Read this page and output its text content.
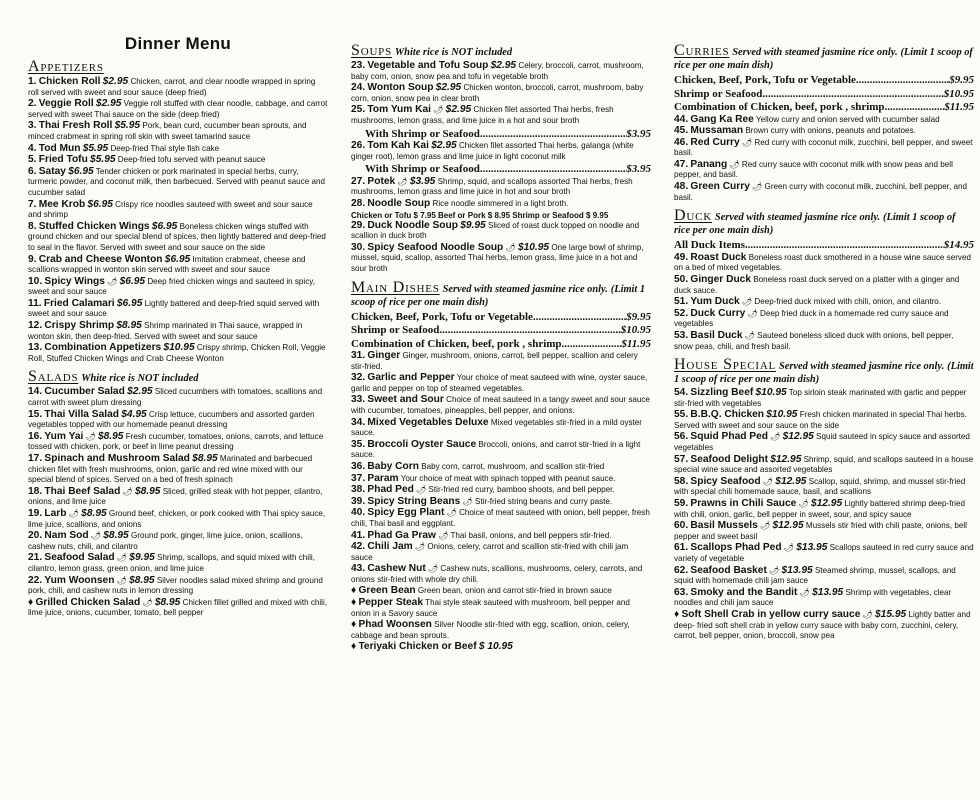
Dinner Menu
Appetizers
1. Chicken Roll $2.95 Chicken, carrot, and clear noodle wrapped in spring roll served with sweet and sour sauce (deep fried)
2. Veggie Roll $2.95 Veggie roll stuffed with clear noodle, cabbage, and carrot served with sweet Thai sauce on the side (deep fried)
3. Thai Fresh Roll $5.95 Pork, bean curd, cucumber bean sprouts, and minced crabmeat in spring roll skin with sweet tamarind sauce
4. Tod Mun $5.95 Deep-fried Thai style fish cake
5. Fried Tofu $5.95 Deep-fried tofu served with peanut sauce
6. Satay $6.95 Tender chicken or pork marinated in special herbs, curry, turmeric powder, and coconut milk, then barbecued. Served with peanut sauce and cucumber salad
7. Mee Krob $6.95 Crispy rice noodles sauteed with sweet and sour sauce and shrimp
8. Stuffed Chicken Wings $6.95 Boneless chicken wings stuffed with ground chicken and our special blend of spices, then lightly battered and deep-fried to seal in the flavor. Served with sweet and sour sauce on the side
9. Crab and Cheese Wonton $6.95 Imitation crabmeat, cheese and scallions wrapped in wonton skin served with sweet and sour sauce
10. Spicy Wings 🌶︎ $6.95 Deep fried chicken wings and sauteed in spicy, sweet and sour sauce
11. Fried Calamari $6.95 Lightly battered and deep-fried squid served with sweet and sour sauce
12. Crispy Shrimp $8.95 Shrimp marinated in Thai sauce, wrapped in wonton skin, then deep-fried. Served with sweet and sour sauce
13. Combination Appetizers $10.95 Crispy shrimp, Chicken Roll, Veggie Roll, Stuffed Chicken Wings and Crab Cheese Wonton
Salads White rice is NOT included
14. Cucumber Salad $2.95 Sliced cucumbers with tomatoes, scallions and carrot with sweet plum dressing
15. Thai Villa Salad $4.95 Crisp lettuce, cucumbers and assorted garden vegetables topped with our homemade peanut dressing
16. Yum Yai 🌶︎ $8.95 Fresh cucumber, tomatoes, onions, carrots, and lettuce tossed with chicken, pork, or beef in lime peanut dressing
17. Spinach and Mushroom Salad $8.95 Marinated and barbecued chicken filet with fresh mushrooms, onion, garlic and red wine mixed with our special blend of spices. Served on a bed of fresh spinach
18. Thai Beef Salad 🌶︎ $8.95 Sliced, grilled steak with hot pepper, cilantro, onions, and lime juice
19. Larb 🌶︎ $8.95 Ground beef, chicken, or pork cooked with Thai spicy sauce, lime juice, scallions, and onions
20. Nam Sod 🌶︎ $8.95 Ground pork, ginger, lime juice, onion, scallions, cashew nuts, chili, and cilantro
21. Seafood Salad 🌶︎ $9.95 Shrimp, scallops, and squid mixed with chili, cilantro, lemon grass, green onion, and lime juice
22. Yum Woonsen 🌶︎ $8.95 Silver noodles salad mixed shrimp and ground pork, chili, and cashew nuts in lemon dressing
♦ Grilled Chicken Salad 🌶︎ $8.95 Chicken fillet grilled and mixed with chili, lime juice, onions, cucumber, tomato, bell pepper
Soups White rice is NOT included
23. Vegetable and Tofu Soup $2.95 Celery, broccoli, carrot, mushroom, baby corn, onion, snow pea and tofu in vegetable broth
24. Wonton Soup $2.95 Chicken wonton, broccoli, carrot, mushroom, baby corn, onion, snow pea in clear broth
25. Tom Yum Kai 🌶︎ $2.95 Chicken filet assorted Thai herbs, fresh mushrooms, lemon grass, and lime juice in a hot and sour broth
With Shrimp or Seafood .....	$3.95
26. Tom Kah Kai $2.95 Chicken filet assorted Thai herbs, galanga (white ginger root), lemon grass and lime juice in light coconut milk
With Shrimp or Seafood .....	$3.95
27. Potek 🌶︎ $3.95 Shrimp, squid, and scallops assorted Thai herbs, fresh mushrooms, lemon grass and lime juice in hot and sour broth
28. Noodle Soup Rice noodle simmered in a light broth.
Chicken or Tofu $ 7.95 Beef or Pork $ 8.95 Shrimp or Seafood $ 9.95
29. Duck Noodle Soup $9.95 Sliced of roast duck topped on noodle and scallion in duck broth
30. Spicy Seafood Noodle Soup 🌶︎ $10.95 One large bowl of shrimp, mussel, squid, scallop, assorted Thai herbs, lemon grass, lime juice in a hot and sour broth
Main Dishes Served with steamed jasmine rice only. (Limit 1 scoop of rice per one main dish)
Chicken, Beef, Pork, Tofu or Vegetable .....	$9.95
Shrimp or Seafood .....	$10.95
Combination of Chicken, beef, pork , shrimp .....	$11.95
31. Ginger Ginger, mushroom, onions, carrot, bell pepper, scallion and celery stir-fried.
32. Garlic and Pepper Your choice of meat sauteed with wine, oyster sauce, garlic and pepper on top of steamed vegetables.
33. Sweet and Sour Choice of meat sauteed in a tangy sweet and sour sauce with cucumber, tomatoes, pineapples, bell pepper, and onions.
34. Mixed Vegetables Deluxe Mixed vegetables stir-fried in a mild oyster sauce.
35. Broccoli Oyster Sauce Broccoli, onions, and carrot stir-fried in a light sauce.
36. Baby Corn Baby corn, carrot, mushroom, and scallion stir-fried
37. Param Your choice of meat with spinach topped with peanut sauce.
38. Phad Ped 🌶︎ Stir-fried red curry, bamboo shoots, and bell pepper.
39. Spicy String Beans 🌶︎ Stir-fried string beans and curry paste.
40. Spicy Egg Plant 🌶︎ Choice of meat sauteed with onion, bell pepper, fresh chili, Thai basil and eggplant.
41. Phad Ga Praw 🌶︎ Thai basil, onions, and bell peppers stir-fried.
42. Chili Jam 🌶︎ Onions, celery, carrot and scallion stir-fried with chili jam sauce
43. Cashew Nut 🌶︎ Cashew nuts, scallions, mushrooms, celery, carrots, and onions stir-fried with whole dry chili.
♦ Green Bean Green bean, onion and carrot stir-fried in brown sauce
♦ Pepper Steak Thai style steak sauteed with mushroom, bell pepper and onion in a Savory sauce
♦ Phad Woonsen Silver Noodle stir-fried with egg, scallion, onion, celery, cabbage and bean sprouts.
♦ Teriyaki Chicken or Beef $ 10.95
Curries Served with steamed jasmine rice only. (Limit 1 scoop of rice per one main dish)
Chicken, Beef, Pork, Tofu or Vegetable .....	$9.95
Shrimp or Seafood .....	$10.95
Combination of Chicken, beef, pork , shrimp .....	$11.95
44. Gang Ka Ree Yellow curry and onion served with cucumber salad
45. Mussaman Brown curry with onions, peanuts and potatoes.
46. Red Curry 🌶︎ Red curry with coconut milk, zucchini, bell pepper, and sweet basil.
47. Panang 🌶︎ Red curry sauce with coconut milk with snow peas and bell pepper, and basil.
48. Green Curry 🌶︎ Green curry with coconut milk, zucchini, bell pepper, and basil.
Duck Served with steamed jasmine rice only. (Limit 1 scoop of rice per one main dish)
All Duck Items .....	$14.95
49. Roast Duck Boneless roast duck smothered in a house wine sauce served on a bed of mixed vegetables.
50. Ginger Duck Boneless roast duck served on a platter with a ginger and duck sauce.
51. Yum Duck 🌶︎ Deep-fried duck mixed with chili, onion, and cilantro.
52. Duck Curry 🌶︎ Deep fried duck in a homemade red curry sauce and vegetables
53. Basil Duck 🌶︎ Sauteed boneless sliced duck with onions, bell pepper, snow peas, chili, and fresh basil.
House Special Served with steamed jasmine rice only. (Limit 1 scoop of rice per one main dish)
54. Sizzling Beef $10.95 Top sirloin steak marinated with garlic and pepper stir-fried with vegetables
55. B.B.Q. Chicken $10.95 Fresh chicken marinated in special Thai herbs. Served with sweet and sour sauce on the side
56. Squid Phad Ped 🌶︎ $12.95 Squid sauteed in spicy sauce and assorted vegetables
57. Seafood Delight $12.95 Shrimp, squid, and scallops sauteed in a house special wine sauce and assorted vegetables
58. Spicy Seafood 🌶︎ $12.95 Scallop, squid, shrimp, and mussel stir-fried with special chili homemade sauce, basil, and scallions
59. Prawns in Chili Sauce 🌶︎ $12.95 Lightly battered shrimp deep-fried with chili, onion, garlic, bell pepper in sweet, sour, and spicy sauce
60. Basil Mussels 🌶︎ $12.95 Mussels stir fried with chili paste, onions, bell pepper and sweet basil
61. Scallops Phad Ped 🌶︎ $13.95 Scallops sauteed in red curry sauce and variety of vegetable
62. Seafood Basket 🌶︎ $13.95 Steamed shrimp, mussel, scallops, and squid with homemade chili jam sauce
63. Smoky and the Bandit 🌶︎ $13.95 Shrimp with vegetables, clear noodles and chili jam sauce
♦ Soft Shell Crab in yellow curry sauce 🌶︎ $15.95 Lightly batter and deep- fried soft shell crab in yellow curry sauce with baby corn, zucchini, celery, carrot, bell pepper, onion, broccoli, snow pea
